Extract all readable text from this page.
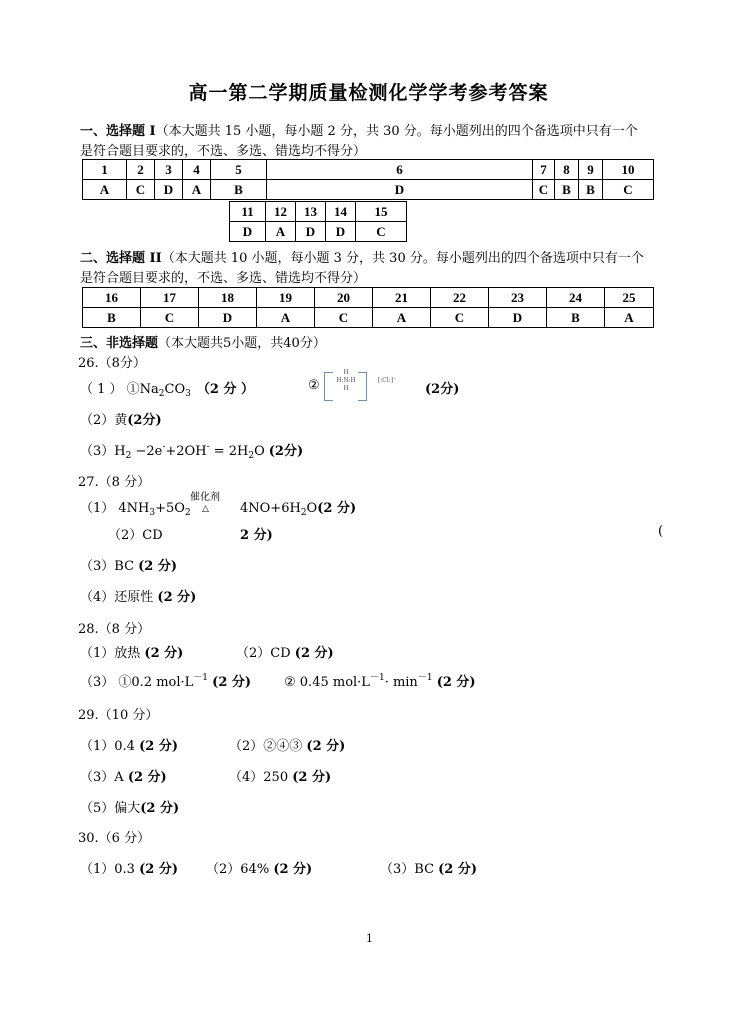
高一第二学期质量检测化学学考参考答案
一、选择题 I（本大题共 15 小题，每小题 2 分，共 30 分。每小题列出的四个备选项中只有一个
是符合题目要求的，不选、多选、错选均不得分）
1	2	3	4	5	6	7	8	9	10
A	C	D	A	B	D	C	B	B	C
11	12	13	14	15
D	A	D	D	C
二、选择题 II（本大题共 10 小题，每小题 3 分，共 30 分。每小题列出的四个备选项中只有一个
是符合题目要求的，不选、多选、错选均不得分）
16	17	18	19	20	21	22	23	24	25
B	C	D	A	C	A	C	D	B	A
三、非选择题（本大题共5小题，共40分）
26.（8分）
（ 1 ） $①Na_2CO_3$ （2 分 ）	②
H
H:N:H
H
[:Cl:]⁻
(2分)
（2）黄(2分)
$(3)H_2 -2e^-+2OH^- = 2H_2O$ (2分)
27.（8 分）
（1） $4NH_3+5O_2$
催化剂
△ $4NO+6H_2O(2$ 分)
（2）CD	2 分)	(
（3）BC (2 分)
（4）还原性 (2 分)
28.（8 分）
（1）放热 (2 分)	（2）CD (2 分)
（3） ①0.2 $mol\cdot L^{-1}$ (2 分)	② 0.45 $mol\cdot L^{-1}\cdot \min^{-1} (2$ 分)
29.（10 分）
（1）0.4 (2 分)	（2）②④③ (2 分)
（3）A (2 分)	（4）250 (2 分)
（5）偏大(2 分)
30.（6 分）
（1）0.3 (2 分) （2）64% (2 分)	（3）BC (2 分)
1
